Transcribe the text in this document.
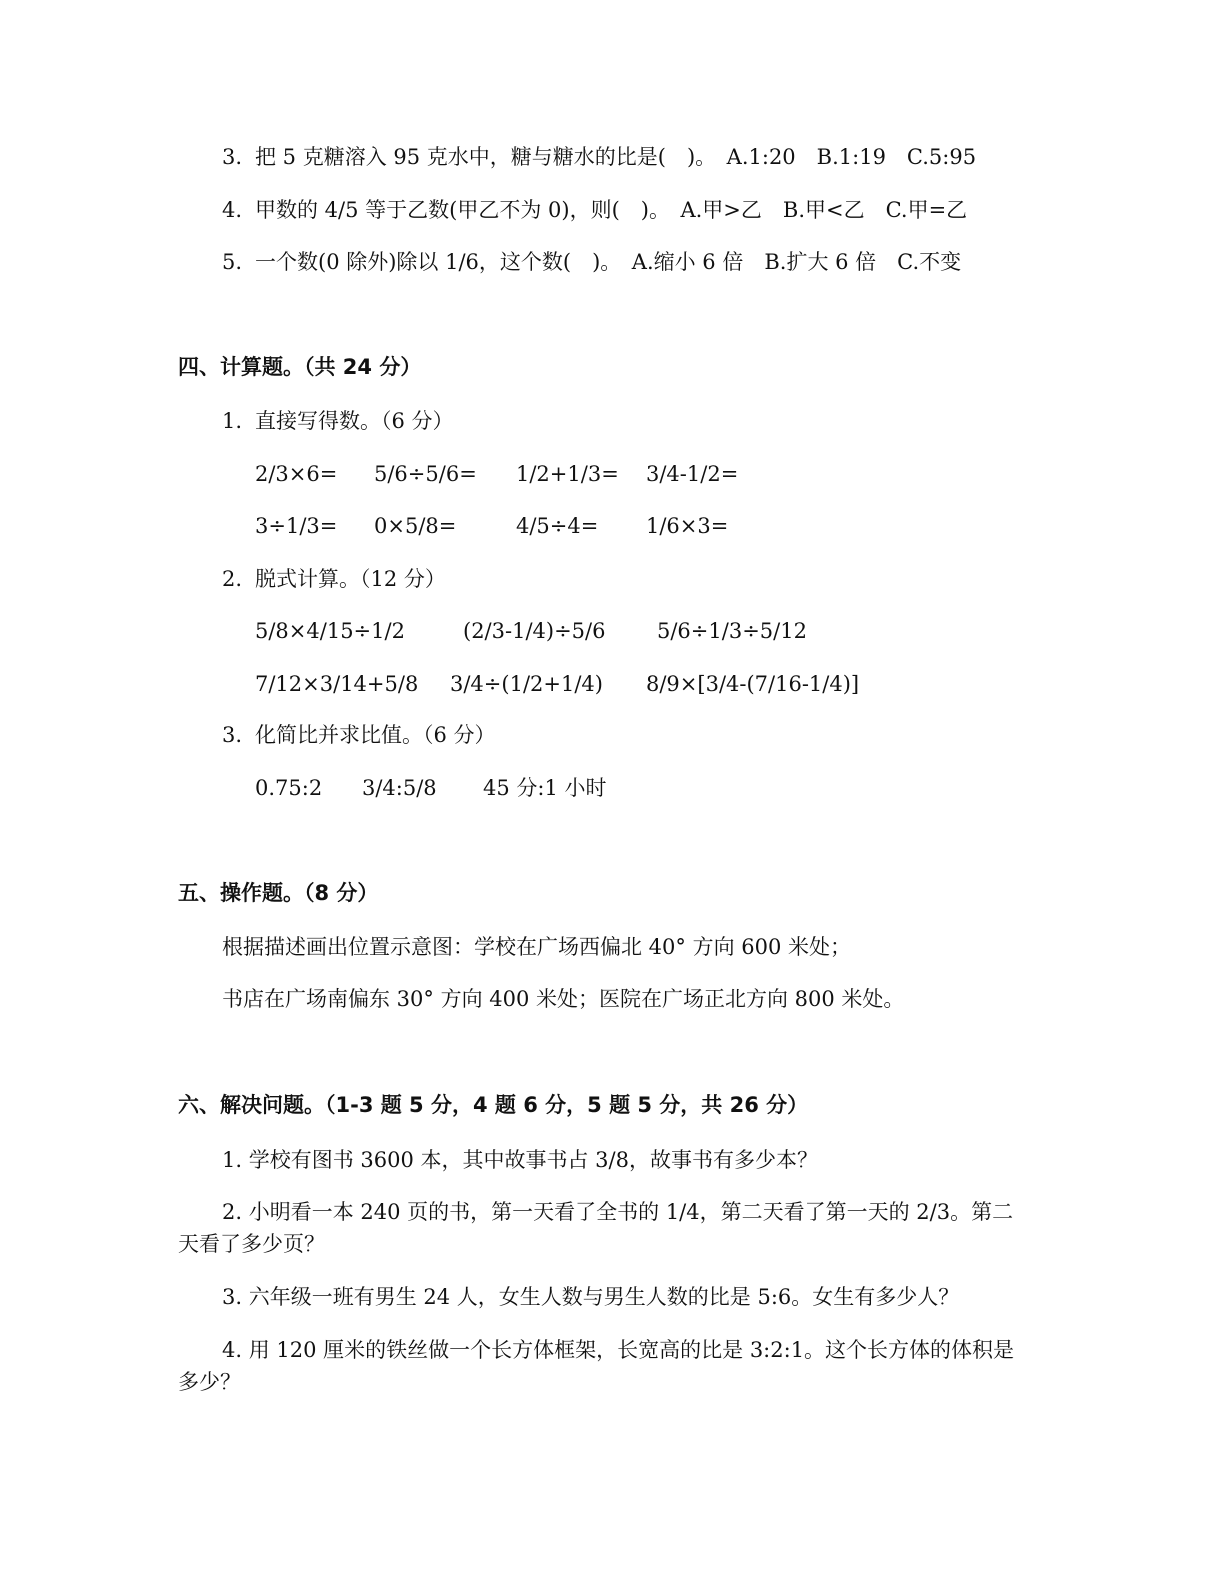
3. 把 5 克糖溶入 95 克水中，糖与糖水的比是(　)。　A.1:20　B.1:19　C.5:95
4. 甲数的 4/5 等于乙数(甲乙不为 0)，则(　)。　A.甲>乙　B.甲<乙　C.甲=乙
5. 一个数(0 除外)除以 1/6，这个数(　)。　A.缩小 6 倍　B.扩大 6 倍　C.不变
四、计算题。（共 24 分）
1. 直接写得数。（6 分）
2/3×6= 5/6÷5/6= 1/2+1/3= 3/4-1/2=
3÷1/3= 0×5/8=	4/5÷4= 1/6×3=
2. 脱式计算。（12 分）
5/8×4/15÷1/2	(2/3-1/4)÷5/6 5/6÷1/3÷5/12
7/12×3/14+5/8 3/4÷(1/2+1/4) 8/9×[3/4-(7/16-1/4)]
3. 化简比并求比值。（6 分）
0.75:2 3/4:5/8 45 分:1 小时
五、操作题。（8 分）
根据描述画出位置示意图：学校在广场西偏北 40° 方向 600 米处；
书店在广场南偏东 30° 方向 400 米处；医院在广场正北方向 800 米处。
六、解决问题。（1-3 题 5 分，4 题 6 分，5 题 5 分，共 26 分）
1. 学校有图书 3600 本，其中故事书占 3/8，故事书有多少本？
2. 小明看一本 240 页的书，第一天看了全书的 1/4，第二天看了第一天的 2/3。第二
天看了多少页？
3. 六年级一班有男生 24 人，女生人数与男生人数的比是 5:6。女生有多少人？
4. 用 120 厘米的铁丝做一个长方体框架，长宽高的比是 3:2:1。这个长方体的体积是
多少？
